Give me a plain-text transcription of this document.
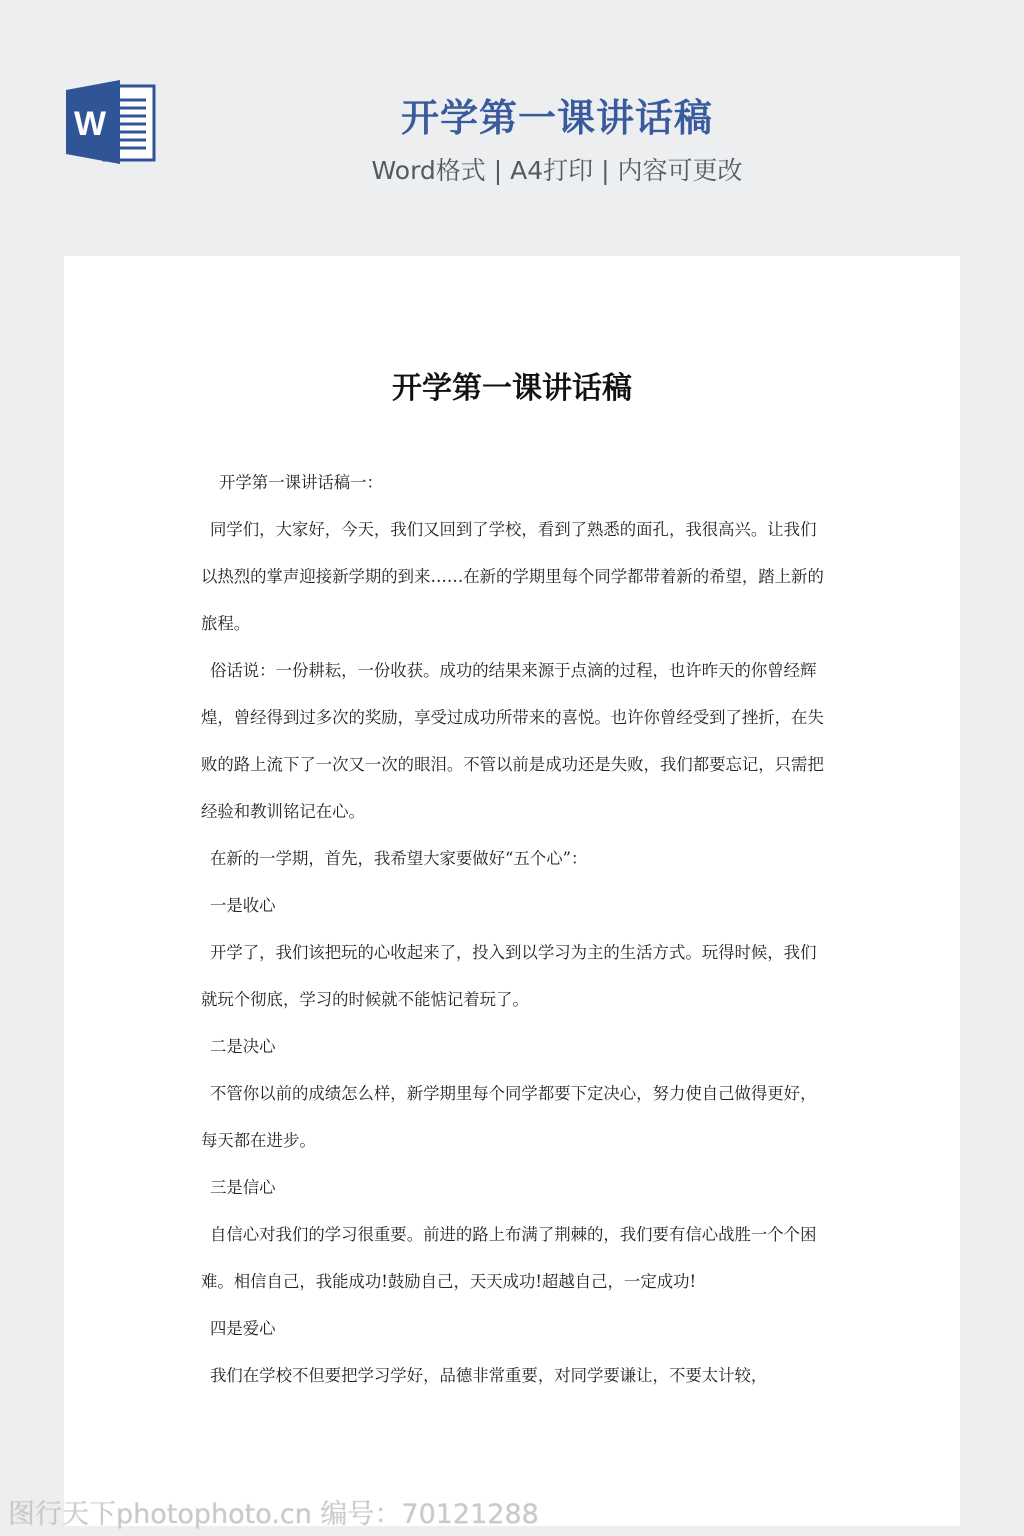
W	开学第一课讲话稿
Word格式 | A4打印 | 内容可更改
开学第一课讲话稿

开学第一课讲话稿一：

同学们，大家好，今天，我们又回到了学校，看到了熟悉的面孔，我很高兴。让我们以热烈的掌声迎接新学期的到来……在新的学期里每个同学都带着新的希望，踏上新的旅程。

俗话说：一份耕耘，一份收获。成功的结果来源于点滴的过程，也许昨天的你曾经辉煌，曾经得到过多次的奖励，享受过成功所带来的喜悦。也许你曾经受到了挫折，在失败的路上流下了一次又一次的眼泪。不管以前是成功还是失败，我们都要忘记，只需把经验和教训铭记在心。

在新的一学期，首先，我希望大家要做好“五个心”：

一是收心

开学了，我们该把玩的心收起来了，投入到以学习为主的生活方式。玩得时候，我们就玩个彻底，学习的时候就不能惦记着玩了。

二是决心

不管你以前的成绩怎么样，新学期里每个同学都要下定决心，努力使自己做得更好，每天都在进步。

三是信心

自信心对我们的学习很重要。前进的路上布满了荆棘的，我们要有信心战胜一个个困难。相信自己，我能成功!鼓励自己，天天成功!超越自己，一定成功!

四是爱心

我们在学校不但要把学习学好，品德非常重要，对同学要谦让，不要太计较，

图行天下photophoto.cn 编号：70121288
